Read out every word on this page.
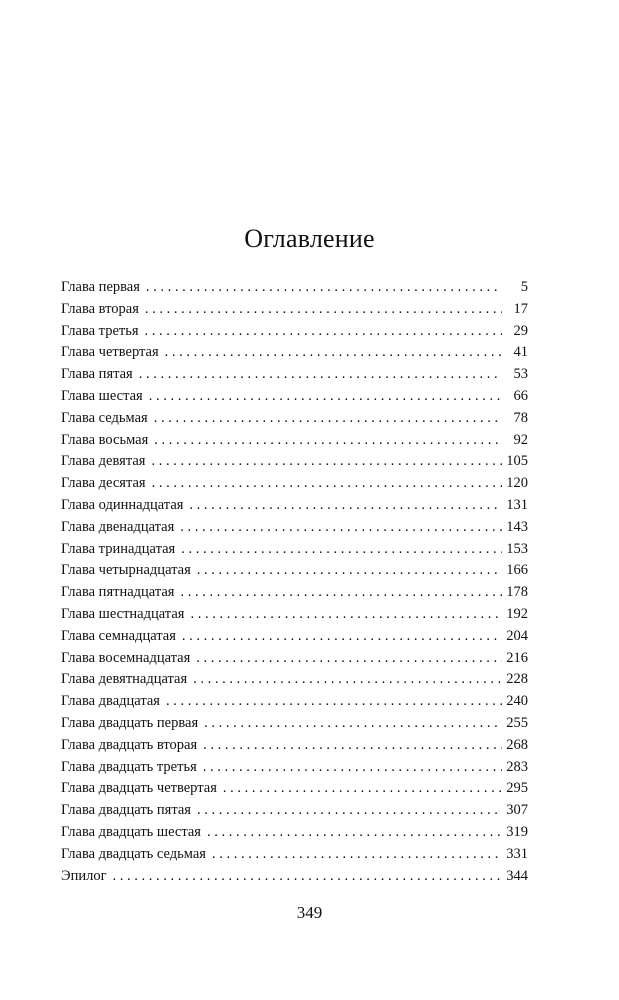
Оглавление
Глава первая . . .	5
Глава вторая . . .	17
Глава третья . . .	29
Глава четвертая . . .	41
Глава пятая . . .	53
Глава шестая . . .	66
Глава седьмая . . .	78
Глава восьмая . . .	92
Глава девятая . . .	105
Глава десятая . . .	120
Глава одиннадцатая . . .	131
Глава двенадцатая . . .	143
Глава тринадцатая . . .	153
Глава четырнадцатая . . .	166
Глава пятнадцатая . . .	178
Глава шестнадцатая . . .	192
Глава семнадцатая . . .	204
Глава восемнадцатая . . .	216
Глава девятнадцатая . . .	228
Глава двадцатая . . .	240
Глава двадцать первая . . .	255
Глава двадцать вторая . . .	268
Глава двадцать третья . . .	283
Глава двадцать четвертая . . .	295
Глава двадцать пятая . . .	307
Глава двадцать шестая . . .	319
Глава двадцать седьмая . . .	331
Эпилог . . .	344
349
